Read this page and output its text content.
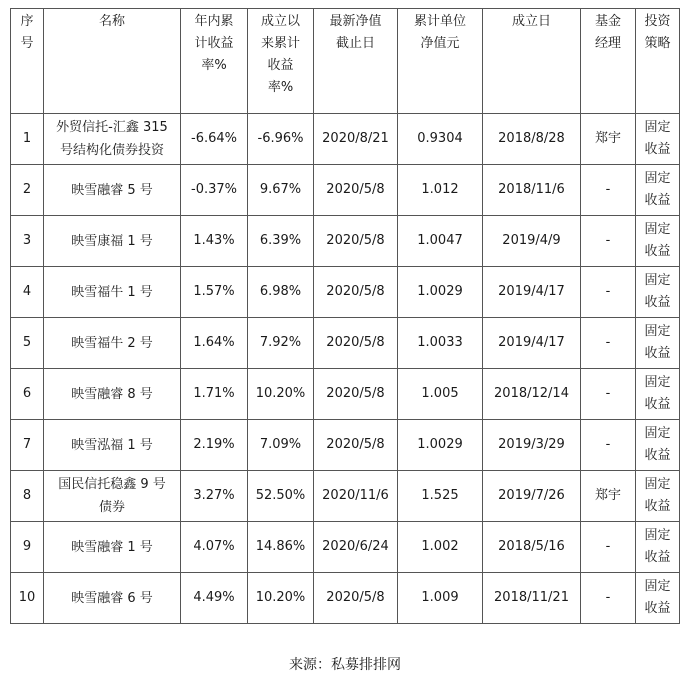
序
号	名称	年内累
计收益
率%	成立以
来累计
收益
率%	最新净值
截止日	累计单位
净值元	成立日	基金
经理	投资
策略

1	外贸信托-汇鑫 315
号结构化债券投资	-6.64%	-6.96%	2020/8/21	0.9304	2018/8/28	郑宇	固定
收益

2	映雪融睿 5 号	-0.37%	9.67%	2020/5/8	1.012	2018/11/6	-	固定
收益

3	映雪康福 1 号	1.43%	6.39%	2020/5/8	1.0047	2019/4/9	-	固定
收益

4	映雪福牛 1 号	1.57%	6.98%	2020/5/8	1.0029	2019/4/17	-	固定
收益

5	映雪福牛 2 号	1.64%	7.92%	2020/5/8	1.0033	2019/4/17	-	固定
收益

6	映雪融睿 8 号	1.71%	10.20%	2020/5/8	1.005	2018/12/14	-	固定
收益

7	映雪泓福 1 号	2.19%	7.09%	2020/5/8	1.0029	2019/3/29	-	固定
收益

8	国民信托稳鑫 9 号
债券	3.27%	52.50%	2020/11/6	1.525	2019/7/26	郑宇	固定
收益

9	映雪融睿 1 号	4.07%	14.86%	2020/6/24	1.002	2018/5/16	-	固定
收益

10	映雪融睿 6 号	4.49%	10.20%	2020/5/8	1.009	2018/11/21	-	固定
收益
来源：私募排排网
